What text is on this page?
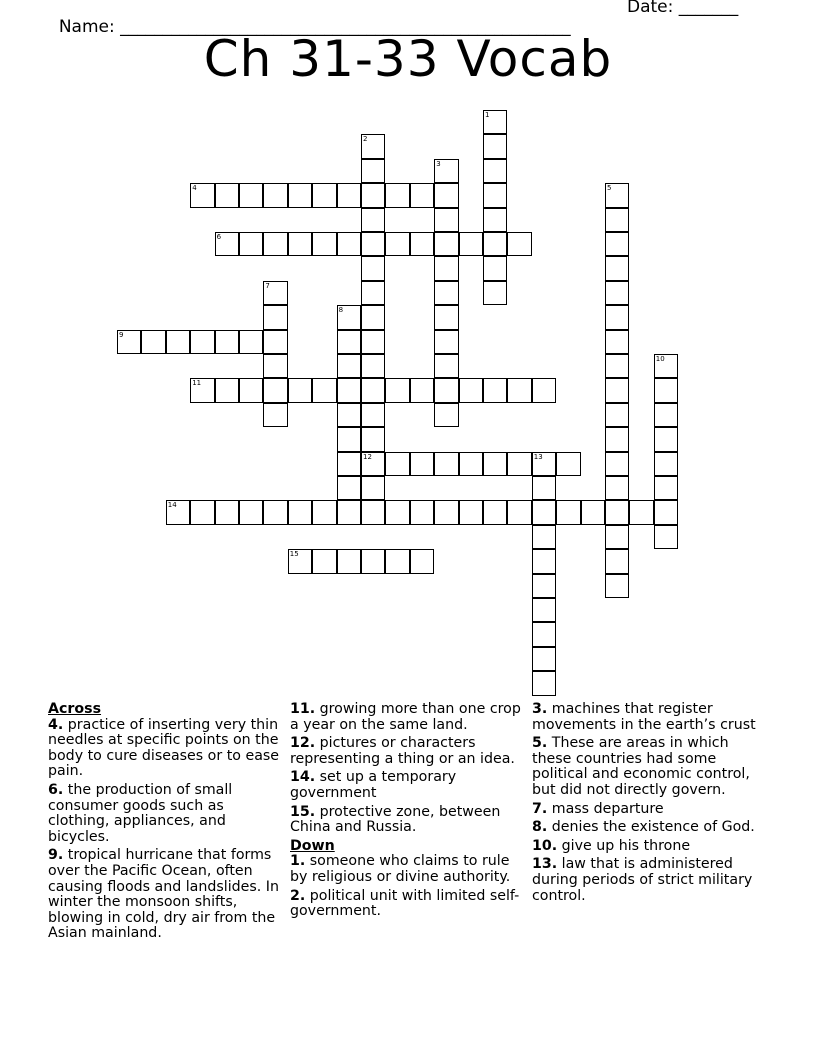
Name: _____________________________________________________

Date: _______

Ch 31-33 Vocab
1
2
12
3
4	5
6
7
8
9
10
11
13
14
15
Across
4. practice of inserting very thin needles at specific points on the body to cure diseases or to ease pain.
6. the production of small consumer goods such as clothing, appliances, and bicycles.
9. tropical hurricane that forms over the Pacific Ocean, often causing floods and landslides. In winter the monsoon shifts, blowing in cold, dry air from the Asian mainland.
11. growing more than one crop a year on the same land.
12. pictures or characters representing a thing or an idea.
14. set up a temporary government
15. protective zone, between China and Russia.
Down
1. someone who claims to rule by religious or divine authority.
2. political unit with limited self-government.
3. machines that register movements in the earth’s crust
5. These are areas in which these countries had some political and economic control, but did not directly govern.
7. mass departure
8. denies the existence of God.
10. give up his throne
13. law that is administered during periods of strict military control.
